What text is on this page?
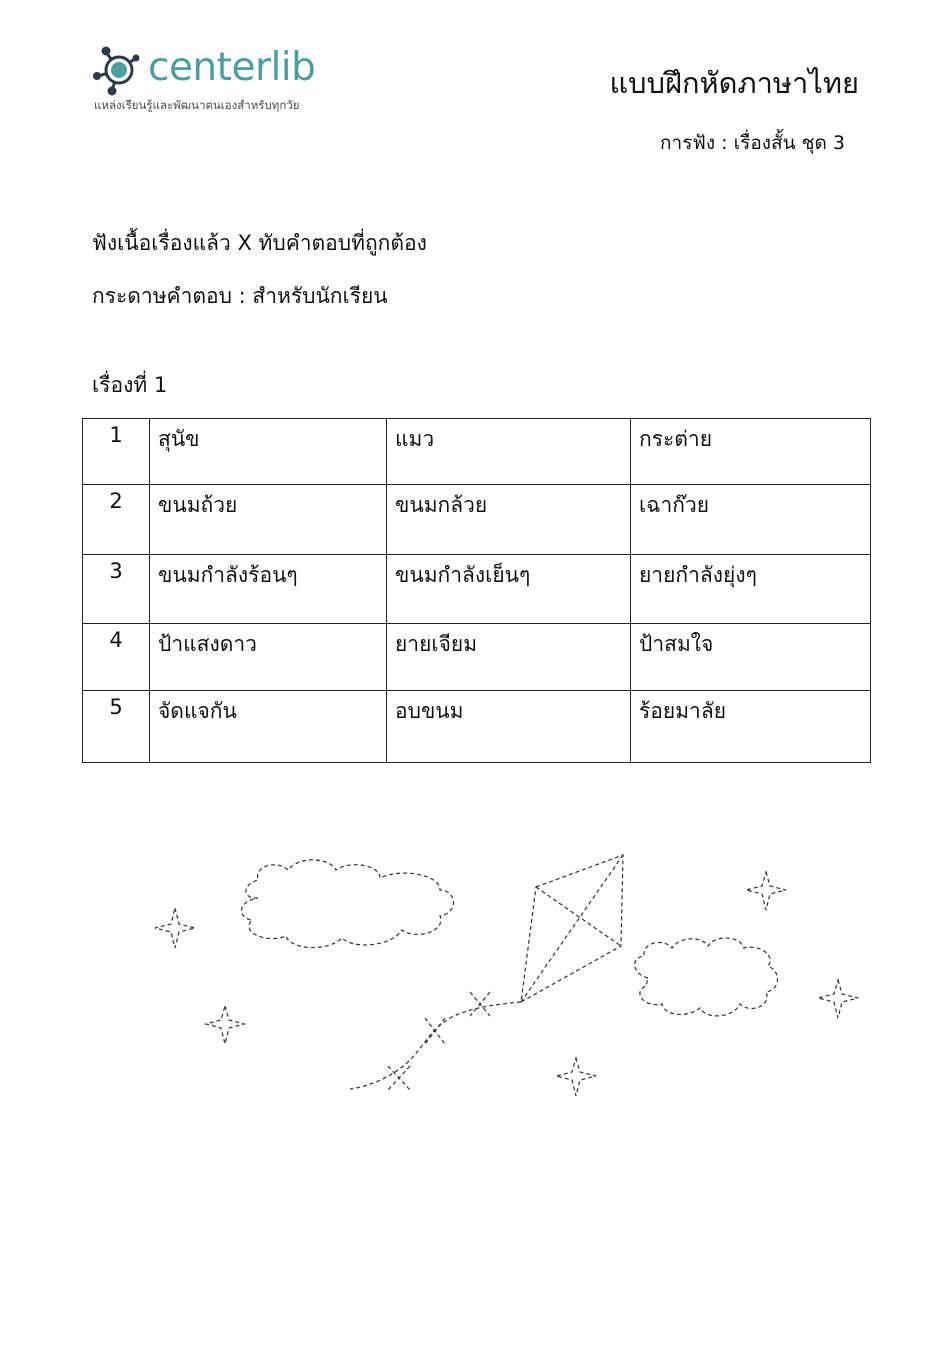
centerlib
แหล่งเรียนรู้และพัฒนาตนเองสำหรับทุกวัย
แบบฝึกหัดภาษาไทย
การฟัง : เรื่องสั้น ชุด 3
ฟังเนื้อเรื่องแล้ว X ทับคำตอบที่ถูกต้อง
กระดาษคำตอบ : สำหรับนักเรียน
เรื่องที่ 1
1	สุนัข	แมว	กระต่าย
2	ขนมถ้วย	ขนมกล้วย	เฉาก๊วย
3	ขนมกำลังร้อนๆ	ขนมกำลังเย็นๆ	ยายกำลังยุ่งๆ
4	ป้าแสงดาว	ยายเจียม	ป้าสมใจ
5	จัดแจกัน	อบขนม	ร้อยมาลัย
